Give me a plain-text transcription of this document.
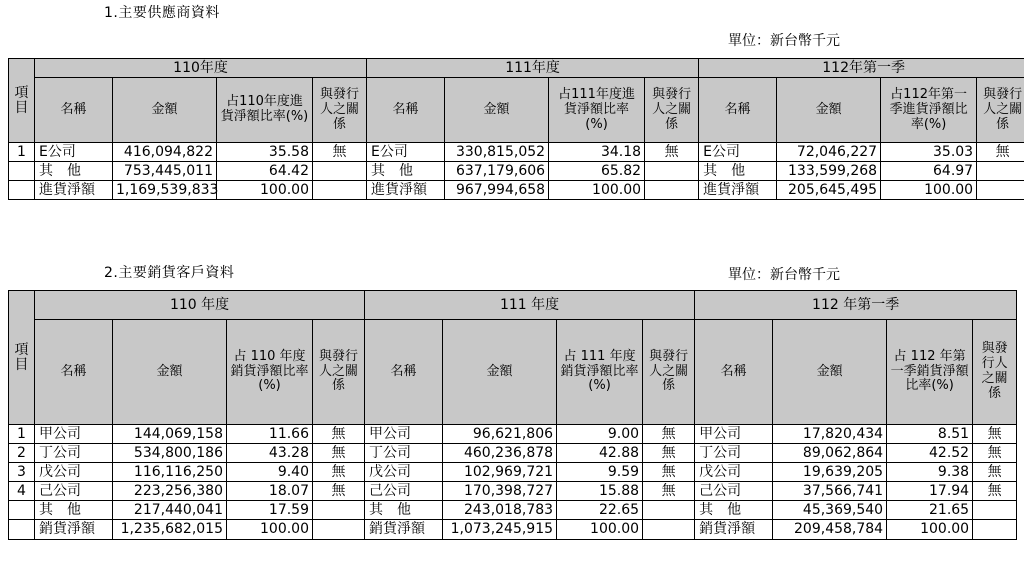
1.主要供應商資料
單位：新台幣千元
項目	110年度				111年度				112年第一季			
	名稱	金額	占110年度進貨淨額比率(%)	與發行人之關係	名稱	金額	占111年度進貨淨額比率 (%)	與發行人之關係	名稱	金額	占112年第一季進貨淨額比率(%)	與發行人之關係
1	E公司	416,094,822	35.58	無	E公司	330,815,052	34.18	無	E公司	72,046,227	35.03	無
	其　他	753,445,011	64.42		其　他	637,179,606	65.82		其　他	133,599,268	64.97	
	進貨淨額	1,169,539,833	100.00		進貨淨額	967,994,658	100.00		進貨淨額	205,645,495	100.00	
2.主要銷貨客戶資料	單位：新台幣千元
項目	110 年度				111 年度				112 年第一季			
	名稱	金額	占 110 年度銷貨淨額比率(%)	與發行人之關係	名稱	金額	占 111 年度銷貨淨額比率(%)	與發行人之關係	名稱	金額	占 112 年第一季銷貨淨額比率(%)	與發行人之關係
1	甲公司	144,069,158	11.66	無	甲公司	96,621,806	9.00	無	甲公司	17,820,434	8.51	無
2	丁公司	534,800,186	43.28	無	丁公司	460,236,878	42.88	無	丁公司	89,062,864	42.52	無
3	戊公司	116,116,250	9.40	無	戊公司	102,969,721	9.59	無	戊公司	19,639,205	9.38	無
4	己公司	223,256,380	18.07	無	己公司	170,398,727	15.88	無	己公司	37,566,741	17.94	無
	其　他	217,440,041	17.59		其　他	243,018,783	22.65		其　他	45,369,540	21.65	
	銷貨淨額	1,235,682,015	100.00		銷貨淨額	1,073,245,915	100.00		銷貨淨額	209,458,784	100.00	
